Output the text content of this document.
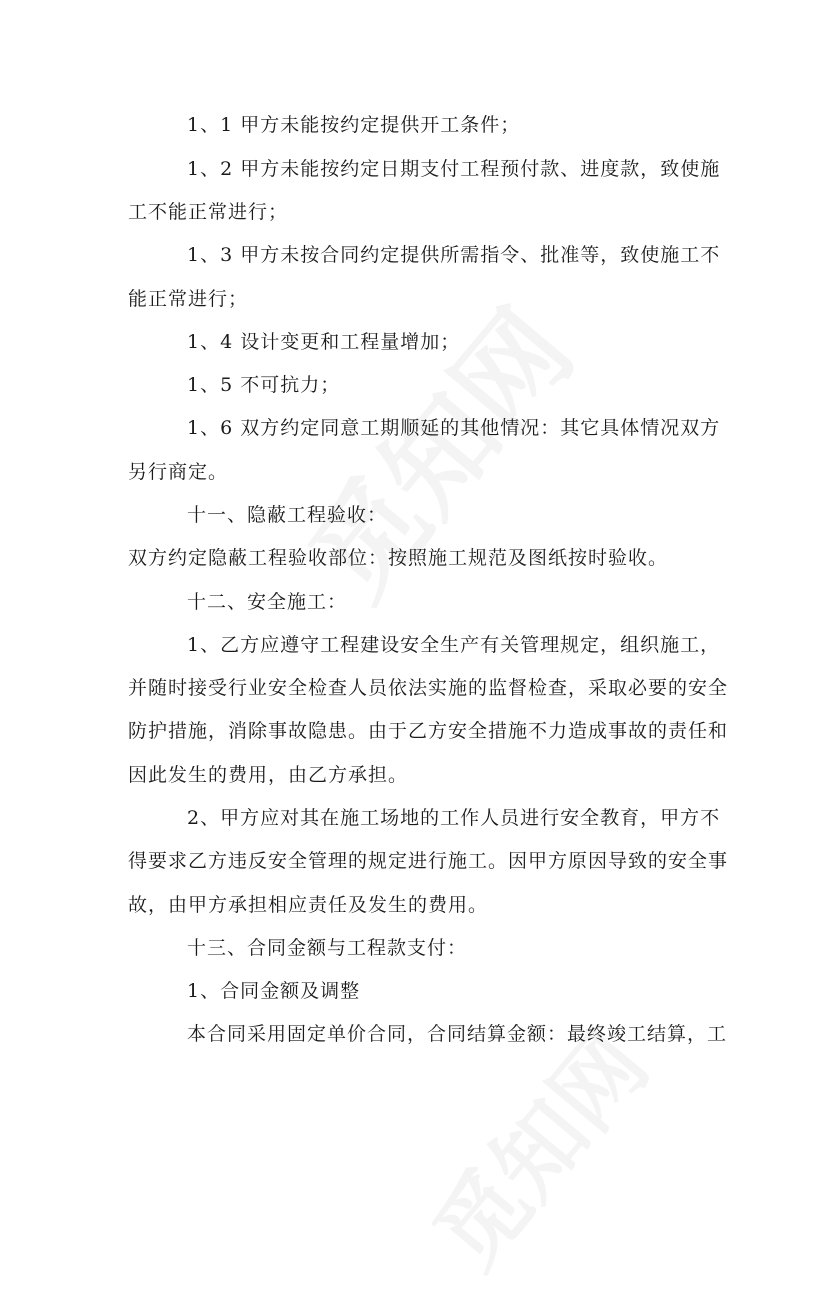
1、1 甲方未能按约定提供开工条件；
1、2 甲方未能按约定日期支付工程预付款、进度款，致使施
工不能正常进行；
1、3 甲方未按合同约定提供所需指令、批准等，致使施工不
能正常进行；
1、4 设计变更和工程量增加；
1、5 不可抗力；
1、6 双方约定同意工期顺延的其他情况：其它具体情况双方
另行商定。
十一、隐蔽工程验收：
双方约定隐蔽工程验收部位：按照施工规范及图纸按时验收。
十二、安全施工：
1、乙方应遵守工程建设安全生产有关管理规定，组织施工，
并随时接受行业安全检查人员依法实施的监督检查，采取必要的安全
防护措施，消除事故隐患。由于乙方安全措施不力造成事故的责任和
因此发生的费用，由乙方承担。
2、甲方应对其在施工场地的工作人员进行安全教育，甲方不
得要求乙方违反安全管理的规定进行施工。因甲方原因导致的安全事
故，由甲方承担相应责任及发生的费用。
十三、合同金额与工程款支付：
1、合同金额及调整
本合同采用固定单价合同，合同结算金额：最终竣工结算，工
